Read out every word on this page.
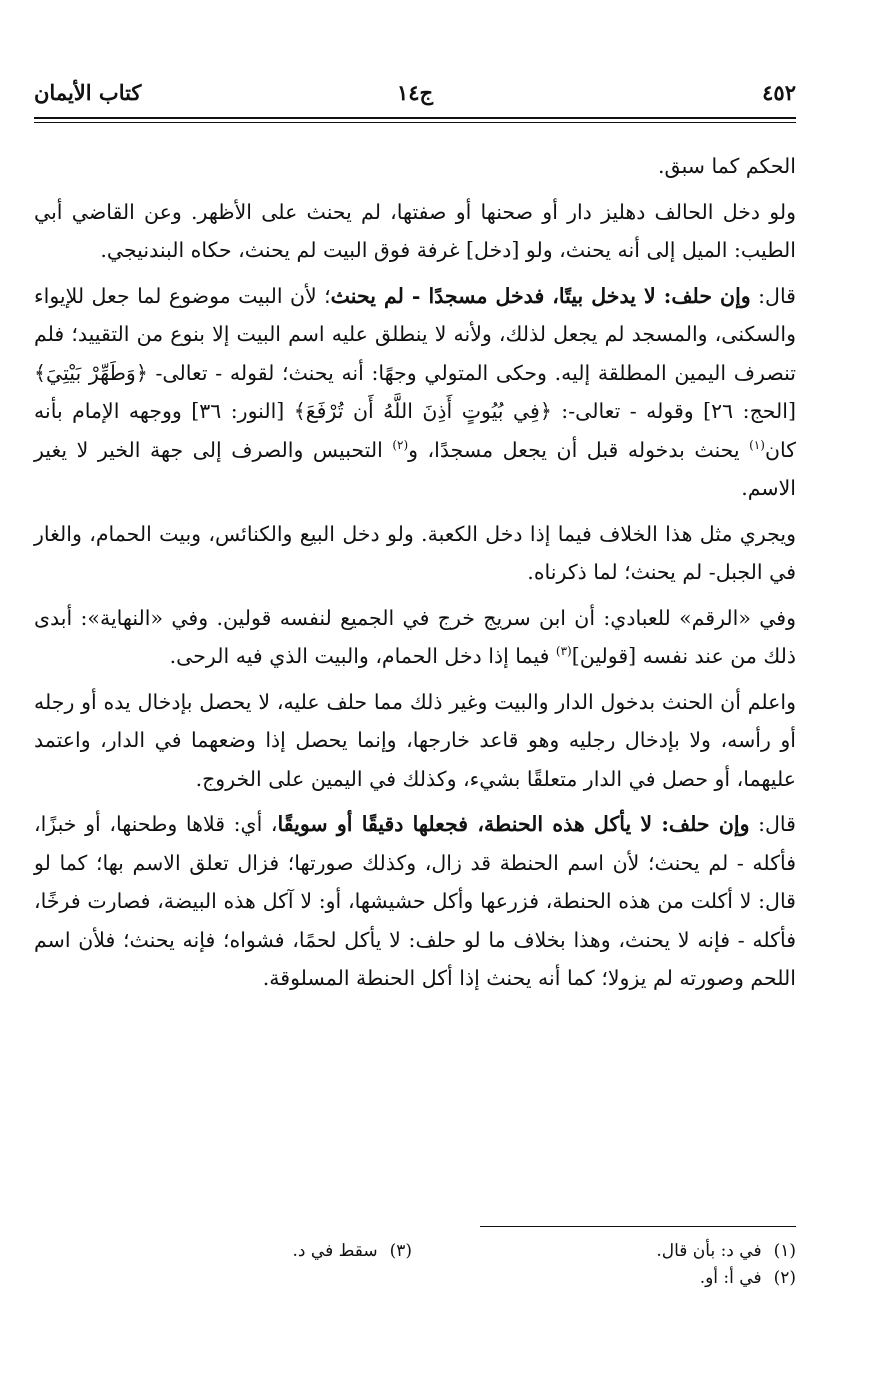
٤٥٢
ج١٤
كتاب الأيمان

الحكم كما سبق.

ولو دخل الحالف دهليز دار أو صحنها أو صفتها، لم يحنث على الأظهر. وعن القاضي أبي الطيب: الميل إلى أنه يحنث، ولو [دخل] غرفة فوق البيت لم يحنث، حكاه البندنيجي.

قال: وإن حلف: لا يدخل بيتًا، فدخل مسجدًا - لم يحنث؛ لأن البيت موضوع لما جعل للإيواء والسكنى، والمسجد لم يجعل لذلك، ولأنه لا ينطلق عليه اسم البيت إلا بنوع من التقييد؛ فلم تنصرف اليمين المطلقة إليه. وحكى المتولي وجهًا: أنه يحنث؛ لقوله - تعالى- ﴿وَطَهِّرْ بَيْتِيَ﴾ [الحج: ٢٦] وقوله - تعالى-: ﴿فِي بُيُوتٍ أَذِنَ اللَّهُ أَن تُرْفَعَ﴾ [النور: ٣٦] ووجهه الإمام بأنه كان$^{(١)}$ يحنث بدخوله قبل أن يجعل مسجدًا، و$^{(٢)}$ التحبيس والصرف إلى جهة الخير لا يغير الاسم.

ويجري مثل هذا الخلاف فيما إذا دخل الكعبة. ولو دخل البيع والكنائس، وبيت الحمام، والغار في الجبل- لم يحنث؛ لما ذكرناه.

وفي «الرقم» للعبادي: أن ابن سريج خرج في الجميع لنفسه قولين. وفي «النهاية»: أبدى ذلك من عند نفسه [قولين]$^{(٣)}$ فيما إذا دخل الحمام، والبيت الذي فيه الرحى.

واعلم أن الحنث بدخول الدار والبيت وغير ذلك مما حلف عليه، لا يحصل بإدخال يده أو رجله أو رأسه، ولا بإدخال رجليه وهو قاعد خارجها، وإنما يحصل إذا وضعهما في الدار، واعتمد عليهما، أو حصل في الدار متعلقًا بشيء، وكذلك في اليمين على الخروج.

قال: وإن حلف: لا يأكل هذه الحنطة، فجعلها دقيقًا أو سويقًا، أي: قلاها وطحنها، أو خبزًا، فأكله - لم يحنث؛ لأن اسم الحنطة قد زال، وكذلك صورتها؛ فزال تعلق الاسم بها؛ كما لو قال: لا أكلت من هذه الحنطة، فزرعها وأكل حشيشها، أو: لا آكل هذه البيضة، فصارت فرخًا، فأكله - فإنه لا يحنث، وهذا بخلاف ما لو حلف: لا يأكل لحمًا، فشواه؛ فإنه يحنث؛ فلأن اسم اللحم وصورته لم يزولا؛ كما أنه يحنث إذا أكل الحنطة المسلوقة.

(١)في د: بأن قال.
(٢)في أ: أو.
(٣)سقط في د.
